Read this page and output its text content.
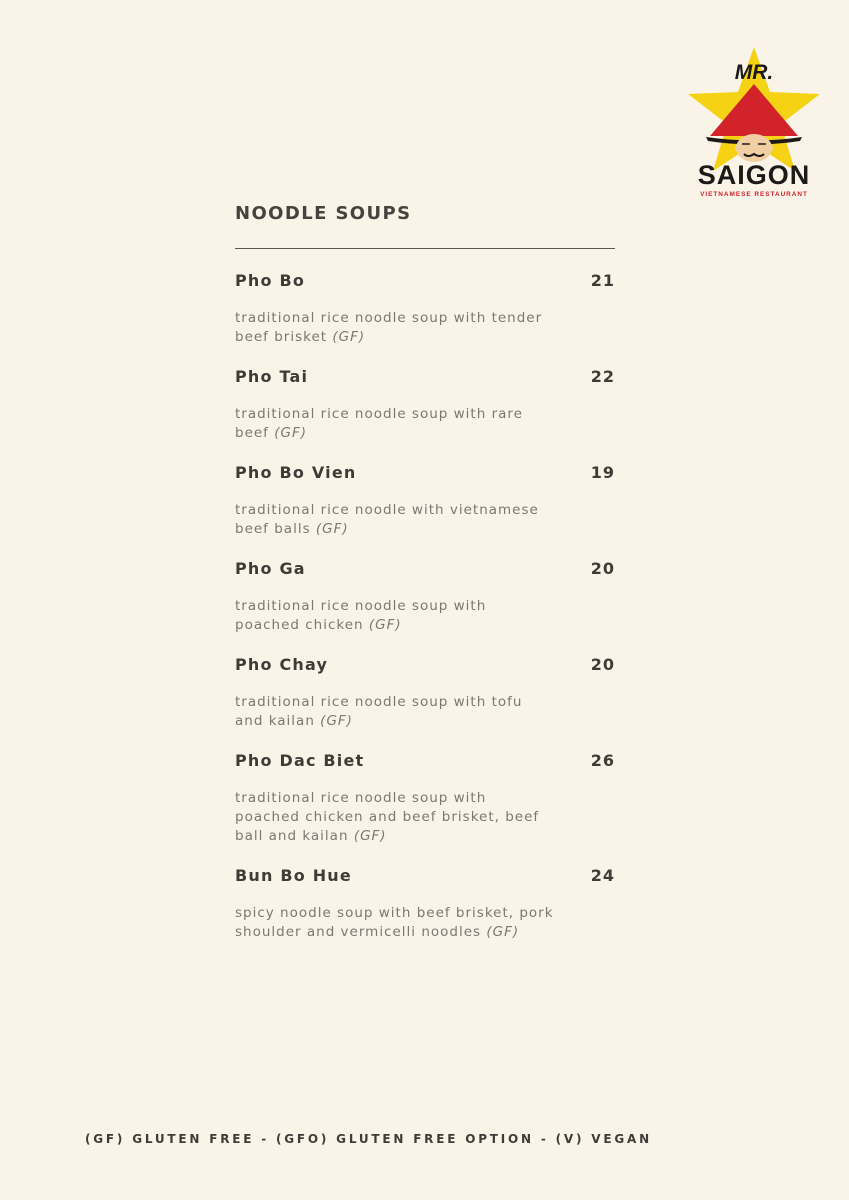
MR.
SAIGON
VIETNAMESE RESTAURANT
NOODLE SOUPS
Pho Bo	21
traditional rice noodle soup with tender beef brisket (GF)
Pho Tai	22
traditional rice noodle soup with rare beef (GF)
Pho Bo Vien	19
traditional rice noodle with vietnamese beef balls (GF)
Pho Ga	20
traditional rice noodle soup with poached chicken (GF)
Pho Chay	20
traditional rice noodle soup with tofu and kailan (GF)
Pho Dac Biet	26
traditional rice noodle soup with poached chicken and beef brisket, beef ball and kailan (GF)
Bun Bo Hue	24
spicy noodle soup with beef brisket, pork shoulder and vermicelli noodles (GF)
(GF) GLUTEN FREE - (GFO) GLUTEN FREE OPTION - (V) VEGAN
